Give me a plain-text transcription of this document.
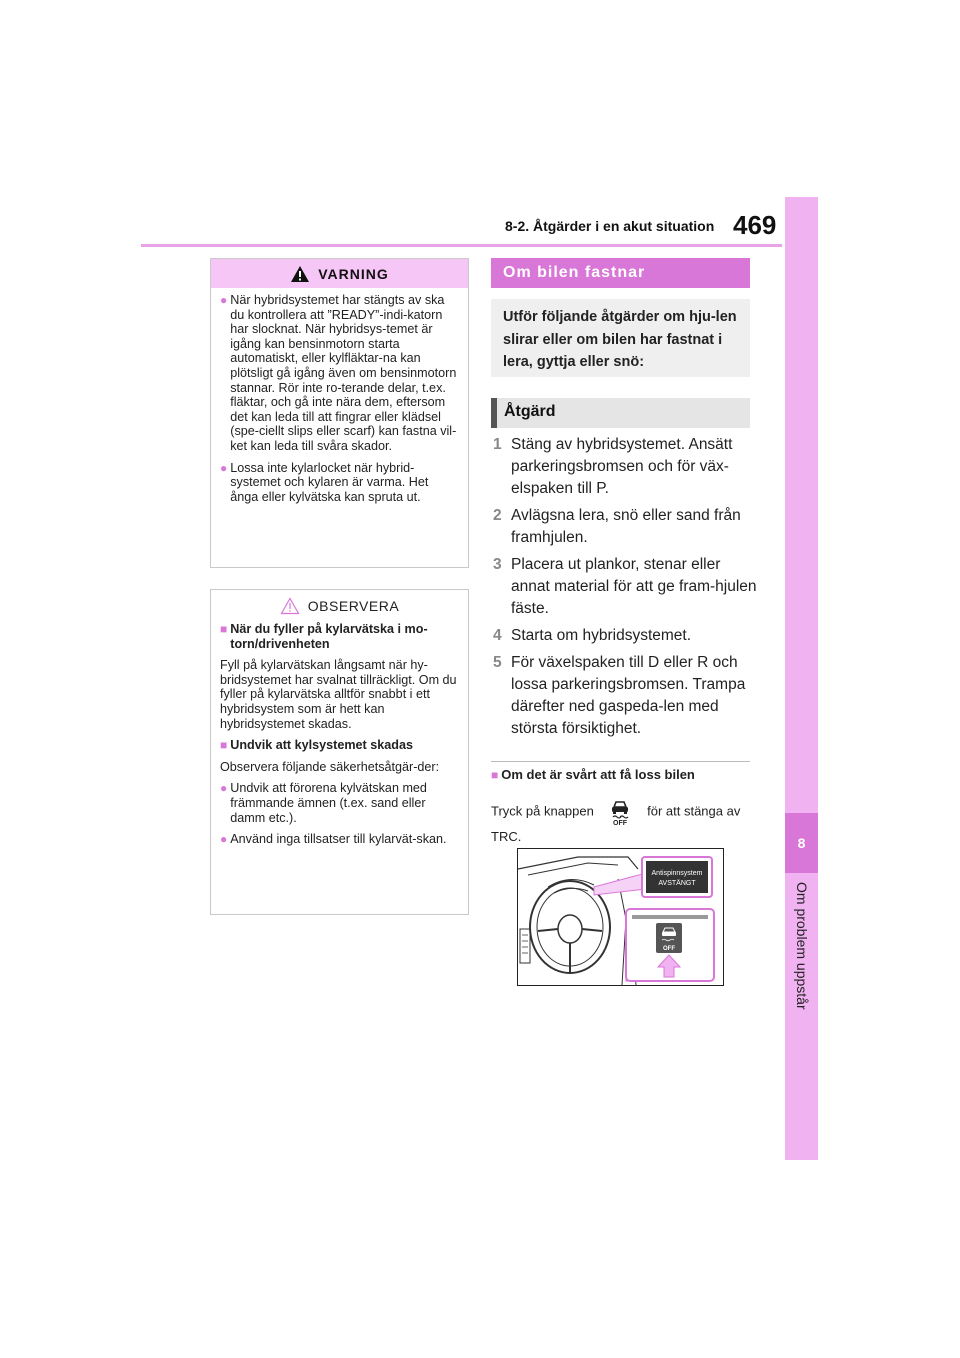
8-2. Åtgärder i en akut situation 469
8
Om problem uppstår
VARNING
● När hybridsystemet har stängts av ska du kontrollera att ”READY”-indi-katorn har slocknat. När hybridsys-temet är igång kan bensinmotorn starta automatiskt, eller kylfläktar-na kan plötsligt gå igång även om bensinmotorn stannar. Rör inte ro-terande delar, t.ex. fläktar, och gå inte nära dem, eftersom det kan leda till att fingrar eller klädsel (spe-ciellt slips eller scarf) kan fastna vil-ket kan leda till svåra skador.
● Lossa inte kylarlocket när hybrid-systemet och kylaren är varma. Het ånga eller kylvätska kan spruta ut.
OBSERVERA
■ När du fyller på kylarvätska i mo-torn/drivenheten
Fyll på kylarvätskan långsamt när hy-bridsystemet har svalnat tillräckligt. Om du fyller på kylarvätska alltför snabbt i ett hybridsystem som är hett kan hybridsystemet skadas.
■ Undvik att kylsystemet skadas
Observera följande säkerhetsåtgär-der:
● Undvik att förorena kylvätskan med främmande ämnen (t.ex. sand eller damm etc.).
● Använd inga tillsatser till kylarvät-skan.
Om bilen fastnar
Utför följande åtgärder om hju-len slirar eller om bilen har fastnat i lera, gyttja eller snö:
Åtgärd
1 Stäng av hybridsystemet. Ansätt parkeringsbromsen och för väx-elspaken till P.
2 Avlägsna lera, snö eller sand från framhjulen.
3 Placera ut plankor, stenar eller annat material för att ge fram-hjulen fäste.
4 Starta om hybridsystemet.
5 För växelspaken till D eller R och lossa parkeringsbromsen. Trampa därefter ned gaspeda-len med största försiktighet.
■ Om det är svårt att få loss bilen
Tryck på knappen
OFF
för att stänga av TRC.
Antispinnsystem
AVSTÄNGT
OFF
